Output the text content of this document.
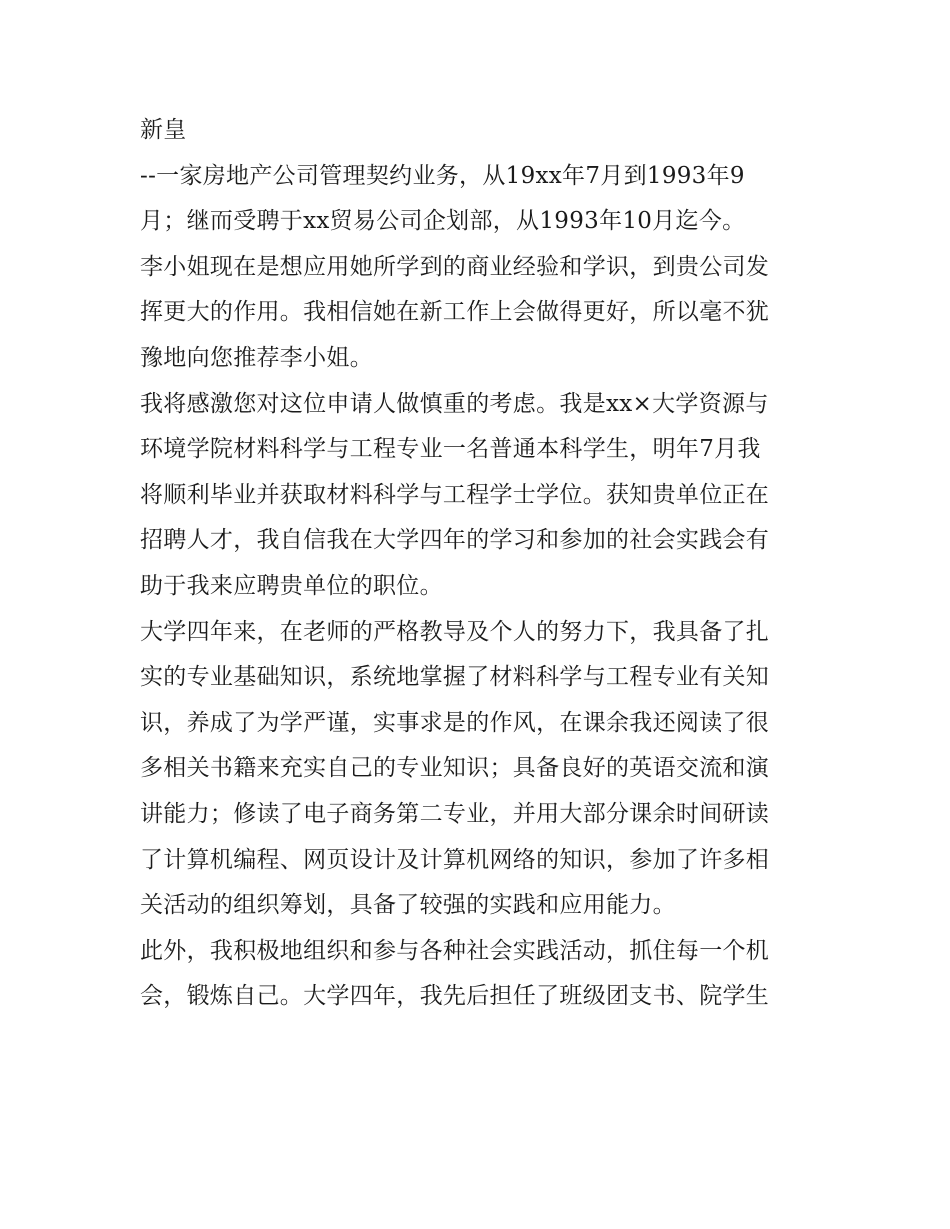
新皇
--一家房地产公司管理契约业务，从19xx年7月到1993年9
月；继而受聘于xx贸易公司企划部，从1993年10月迄今。
李小姐现在是想应用她所学到的商业经验和学识，到贵公司发
挥更大的作用。我相信她在新工作上会做得更好，所以毫不犹
豫地向您推荐李小姐。
我将感激您对这位申请人做慎重的考虑。我是xx×大学资源与
环境学院材料科学与工程专业一名普通本科学生，明年7月我
将顺利毕业并获取材料科学与工程学士学位。获知贵单位正在
招聘人才，我自信我在大学四年的学习和参加的社会实践会有
助于我来应聘贵单位的职位。
大学四年来，在老师的严格教导及个人的努力下，我具备了扎
实的专业基础知识，系统地掌握了材料科学与工程专业有关知
识，养成了为学严谨，实事求是的作风，在课余我还阅读了很
多相关书籍来充实自己的专业知识；具备良好的英语交流和演
讲能力；修读了电子商务第二专业，并用大部分课余时间研读
了计算机编程、网页设计及计算机网络的知识，参加了许多相
关活动的组织筹划，具备了较强的实践和应用能力。
此外，我积极地组织和参与各种社会实践活动，抓住每一个机
会，锻炼自己。大学四年，我先后担任了班级团支书、院学生
